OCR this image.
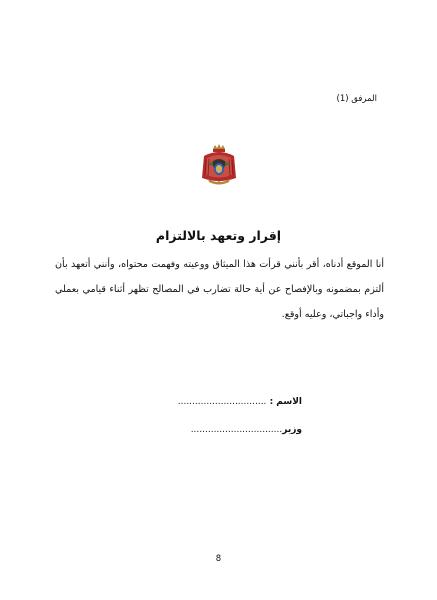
المرفق (1)
إقرار وتعهد بالالتزام
أنا الموقع أدناه، أقر بأنني قرأت هذا الميثاق ووعيته وفهمت محتواه، وأنني أتعهد بأن ألتزم بمضمونه وبالإفصاح عن أية حالة تضارب في المصالح تظهر أثناء قيامي بعملي وأداء واجباتي، وعليه أوقع.
الاسم : ...............................
وزير................................
8
